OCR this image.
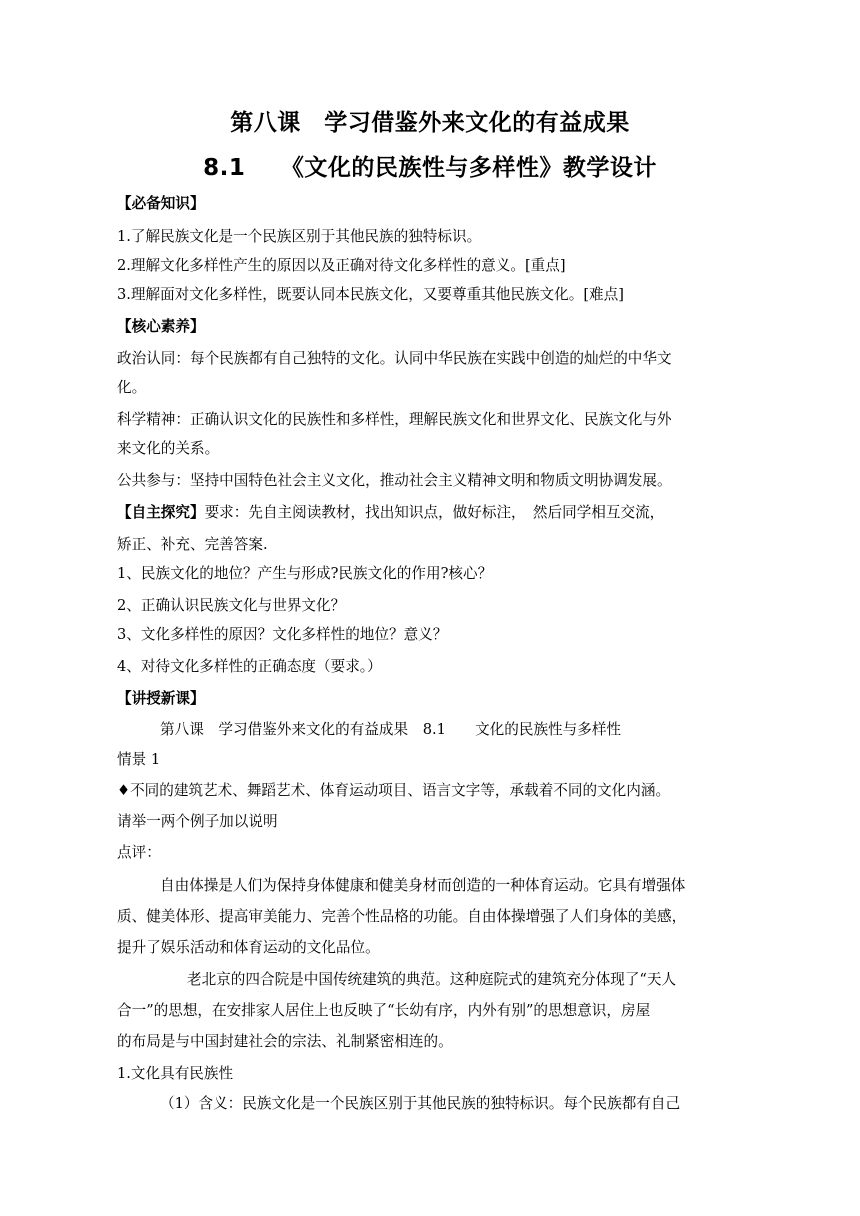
第八课　学习借鉴外来文化的有益成果
8.1　　《文化的民族性与多样性》教学设计
【必备知识】
1.了解民族文化是一个民族区别于其他民族的独特标识。
2.理解文化多样性产生的原因以及正确对待文化多样性的意义。[重点]
3.理解面对文化多样性，既要认同本民族文化，又要尊重其他民族文化。[难点]
【核心素养】
政治认同：每个民族都有自己独特的文化。认同中华民族在实践中创造的灿烂的中华文
化。
科学精神：正确认识文化的民族性和多样性，理解民族文化和世界文化、民族文化与外
来文化的关系。
公共参与：坚持中国特色社会主义文化，推动社会主义精神文明和物质文明协调发展。
【自主探究】要求：先自主阅读教材，找出知识点，做好标注，　然后同学相互交流，
矫正、补充、完善答案.
1、民族文化的地位？产生与形成?民族文化的作用?核心？
2、正确认识民族文化与世界文化？
3、文化多样性的原因？文化多样性的地位？意义？
4、对待文化多样性的正确态度（要求。）
【讲授新课】
第八课　学习借鉴外来文化的有益成果　8.1　　文化的民族性与多样性
情景 1
♦不同的建筑艺术、舞蹈艺术、体育运动项目、语言文字等，承载着不同的文化内涵。
请举一两个例子加以说明
点评：
自由体操是人们为保持身体健康和健美身材而创造的一种体育运动。它具有增强体
质、健美体形、提高审美能力、完善个性品格的功能。自由体操增强了人们身体的美感，
提升了娱乐活动和体育运动的文化品位。
老北京的四合院是中国传统建筑的典范。这种庭院式的建筑充分体现了“天人
合一”的思想，在安排家人居住上也反映了“长幼有序，内外有别”的思想意识，房屋
的布局是与中国封建社会的宗法、礼制紧密相连的。
1.文化具有民族性
（1）含义：民族文化是一个民族区别于其他民族的独特标识。每个民族都有自己
